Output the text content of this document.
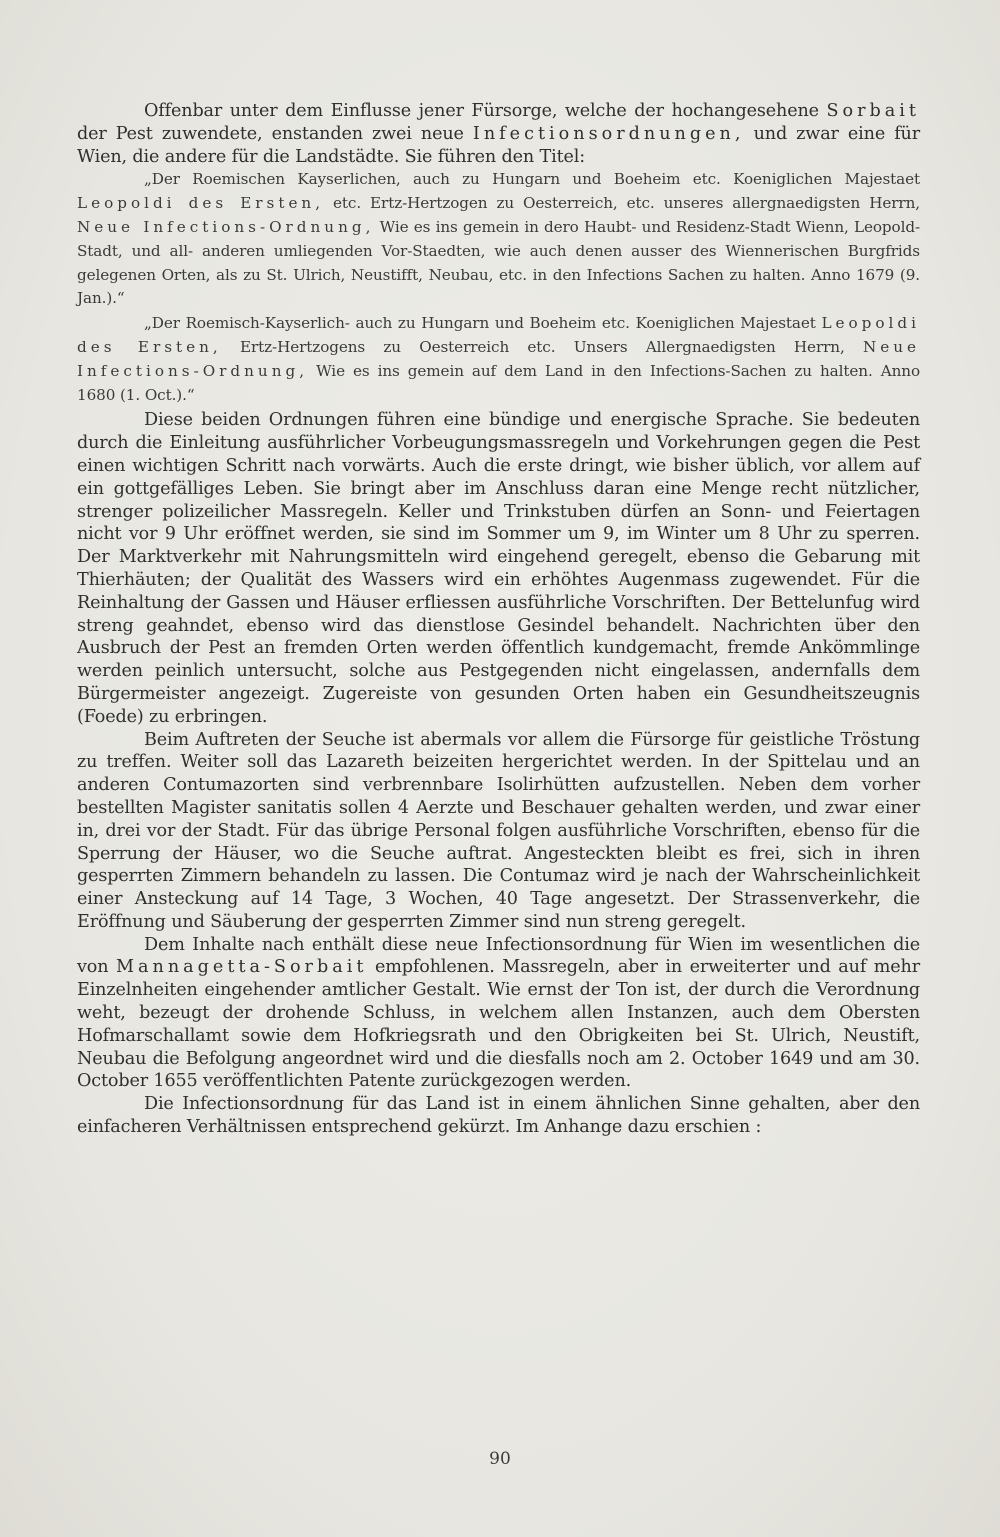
Offenbar unter dem Einflusse jener Fürsorge, welche der hochangesehene Sorbait der Pest zuwendete, enstanden zwei neue Infectionsordnungen, und zwar eine für Wien, die andere für die Landstädte. Sie führen den Titel:

„Der Roemischen Kayserlichen, auch zu Hungarn und Boeheim etc. Koeniglichen Majestaet Leopoldi des Ersten, etc. Ertz-Hertzogen zu Oesterreich, etc. unseres allergnaedigsten Herrn, Neue Infections-Ordnung, Wie es ins gemein in dero Haubt- und Residenz-Stadt Wienn, Leopold-Stadt, und all- anderen umliegenden Vor-Staedten, wie auch denen ausser des Wiennerischen Burgfrids gelegenen Orten, als zu St. Ulrich, Neustifft, Neubau, etc. in den Infections Sachen zu halten. Anno 1679 (9. Jan.).“

„Der Roemisch-Kayserlich- auch zu Hungarn und Boeheim etc. Koeniglichen Majestaet Leopoldi des Ersten, Ertz-Hertzogens zu Oesterreich etc. Unsers Allergnaedigsten Herrn, Neue Infections-Ordnung, Wie es ins gemein auf dem Land in den Infections-Sachen zu halten. Anno 1680 (1. Oct.).“

Diese beiden Ordnungen führen eine bündige und energische Sprache. Sie bedeuten durch die Einleitung ausführlicher Vorbeugungsmassregeln und Vorkehrungen gegen die Pest einen wichtigen Schritt nach vorwärts. Auch die erste dringt, wie bisher üblich, vor allem auf ein gottgefälliges Leben. Sie bringt aber im Anschluss daran eine Menge recht nützlicher, strenger polizeilicher Massregeln. Keller und Trinkstuben dürfen an Sonn- und Feiertagen nicht vor 9 Uhr eröffnet werden, sie sind im Sommer um 9, im Winter um 8 Uhr zu sperren. Der Marktverkehr mit Nahrungsmitteln wird eingehend geregelt, ebenso die Gebarung mit Thierhäuten; der Qualität des Wassers wird ein erhöhtes Augenmass zugewendet. Für die Reinhaltung der Gassen und Häuser erfliessen ausführliche Vorschriften. Der Bettelunfug wird streng geahndet, ebenso wird das dienstlose Gesindel behandelt. Nachrichten über den Ausbruch der Pest an fremden Orten werden öffentlich kundgemacht, fremde Ankömmlinge werden peinlich untersucht, solche aus Pestgegenden nicht eingelassen, andernfalls dem Bürgermeister angezeigt. Zugereiste von gesunden Orten haben ein Gesundheitszeugnis (Foede) zu erbringen.

Beim Auftreten der Seuche ist abermals vor allem die Fürsorge für geistliche Tröstung zu treffen. Weiter soll das Lazareth beizeiten hergerichtet werden. In der Spittelau und an anderen Contumazorten sind verbrennbare Isolirhütten aufzustellen. Neben dem vorher bestellten Magister sanitatis sollen 4 Aerzte und Beschauer gehalten werden, und zwar einer in, drei vor der Stadt. Für das übrige Personal folgen ausführliche Vorschriften, ebenso für die Sperrung der Häuser, wo die Seuche auftrat. Angesteckten bleibt es frei, sich in ihren gesperrten Zimmern behandeln zu lassen. Die Contumaz wird je nach der Wahrscheinlichkeit einer Ansteckung auf 14 Tage, 3 Wochen, 40 Tage angesetzt. Der Strassenverkehr, die Eröffnung und Säuberung der gesperrten Zimmer sind nun streng geregelt.

Dem Inhalte nach enthält diese neue Infectionsordnung für Wien im wesentlichen die von Mannagetta-Sorbait empfohlenen. Massregeln, aber in erweiterter und auf mehr Einzelnheiten eingehender amtlicher Gestalt. Wie ernst der Ton ist, der durch die Verordnung weht, bezeugt der drohende Schluss, in welchem allen Instanzen, auch dem Obersten Hofmarschallamt sowie dem Hofkriegsrath und den Obrigkeiten bei St. Ulrich, Neustift, Neubau die Befolgung angeordnet wird und die diesfalls noch am 2. October 1649 und am 30. October 1655 veröffentlichten Patente zurückgezogen werden.

Die Infectionsordnung für das Land ist in einem ähnlichen Sinne gehalten, aber den einfacheren Verhältnissen entsprechend gekürzt. Im Anhange dazu erschien :

90
